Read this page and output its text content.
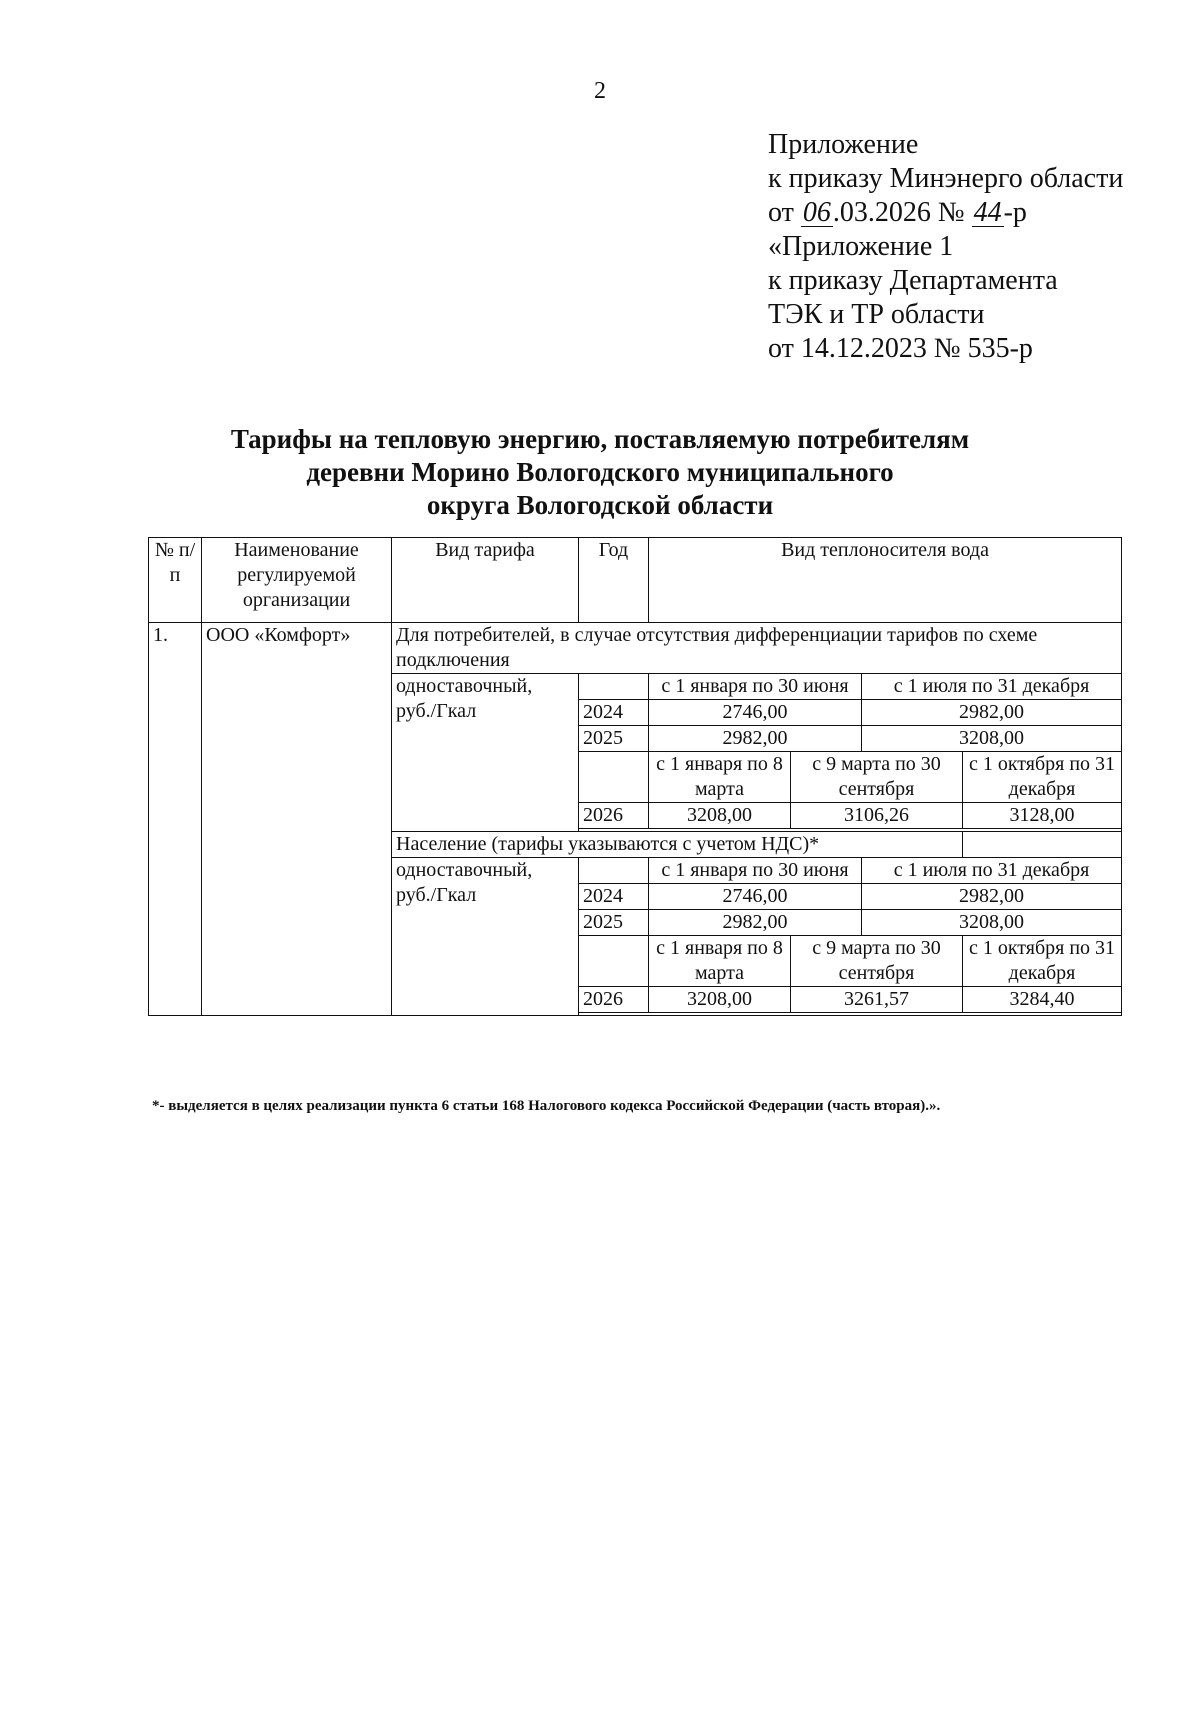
2
Приложение
к приказу Минэнерго области
от 06.03.2026 № 44-р
«Приложение 1
к приказу Департамента
ТЭК и ТР области
от 14.12.2023 № 535-р
Тарифы на тепловую энергию, поставляемую потребителям
деревни Морино Вологодского муниципального
округа Вологодской области
№ п/п	Наименование регулируемой организации	Вид тарифа	Год	Вид теплоносителя вода			
1.	ООО «Комфорт»	Для потребителей, в случае отсутствия дифференциации тарифов по схеме подключения					
		одноставочный, руб./Гкал		с 1 января по 30 июня		с 1 июля по 31 декабря	
			2024	2746,00		2982,00	
			2025	2982,00		3208,00	
				с 1 января по 8 марта	с 9 марта по 30 сентября		с 1 октября по 31 декабря
			2026	3208,00	3106,26		3128,00

		Население (тарифы указываются с учетом НДС)*					
		одноставочный, руб./Гкал		с 1 января по 30 июня		с 1 июля по 31 декабря	
			2024	2746,00		2982,00	
			2025	2982,00		3208,00	
				с 1 января по 8 марта	с 9 марта по 30 сентября		с 1 октября по 31 декабря
			2026	3208,00	3261,57		3284,40

*- выделяется в целях реализации пункта 6 статьи 168 Налогового кодекса Российской Федерации (часть вторая).».
